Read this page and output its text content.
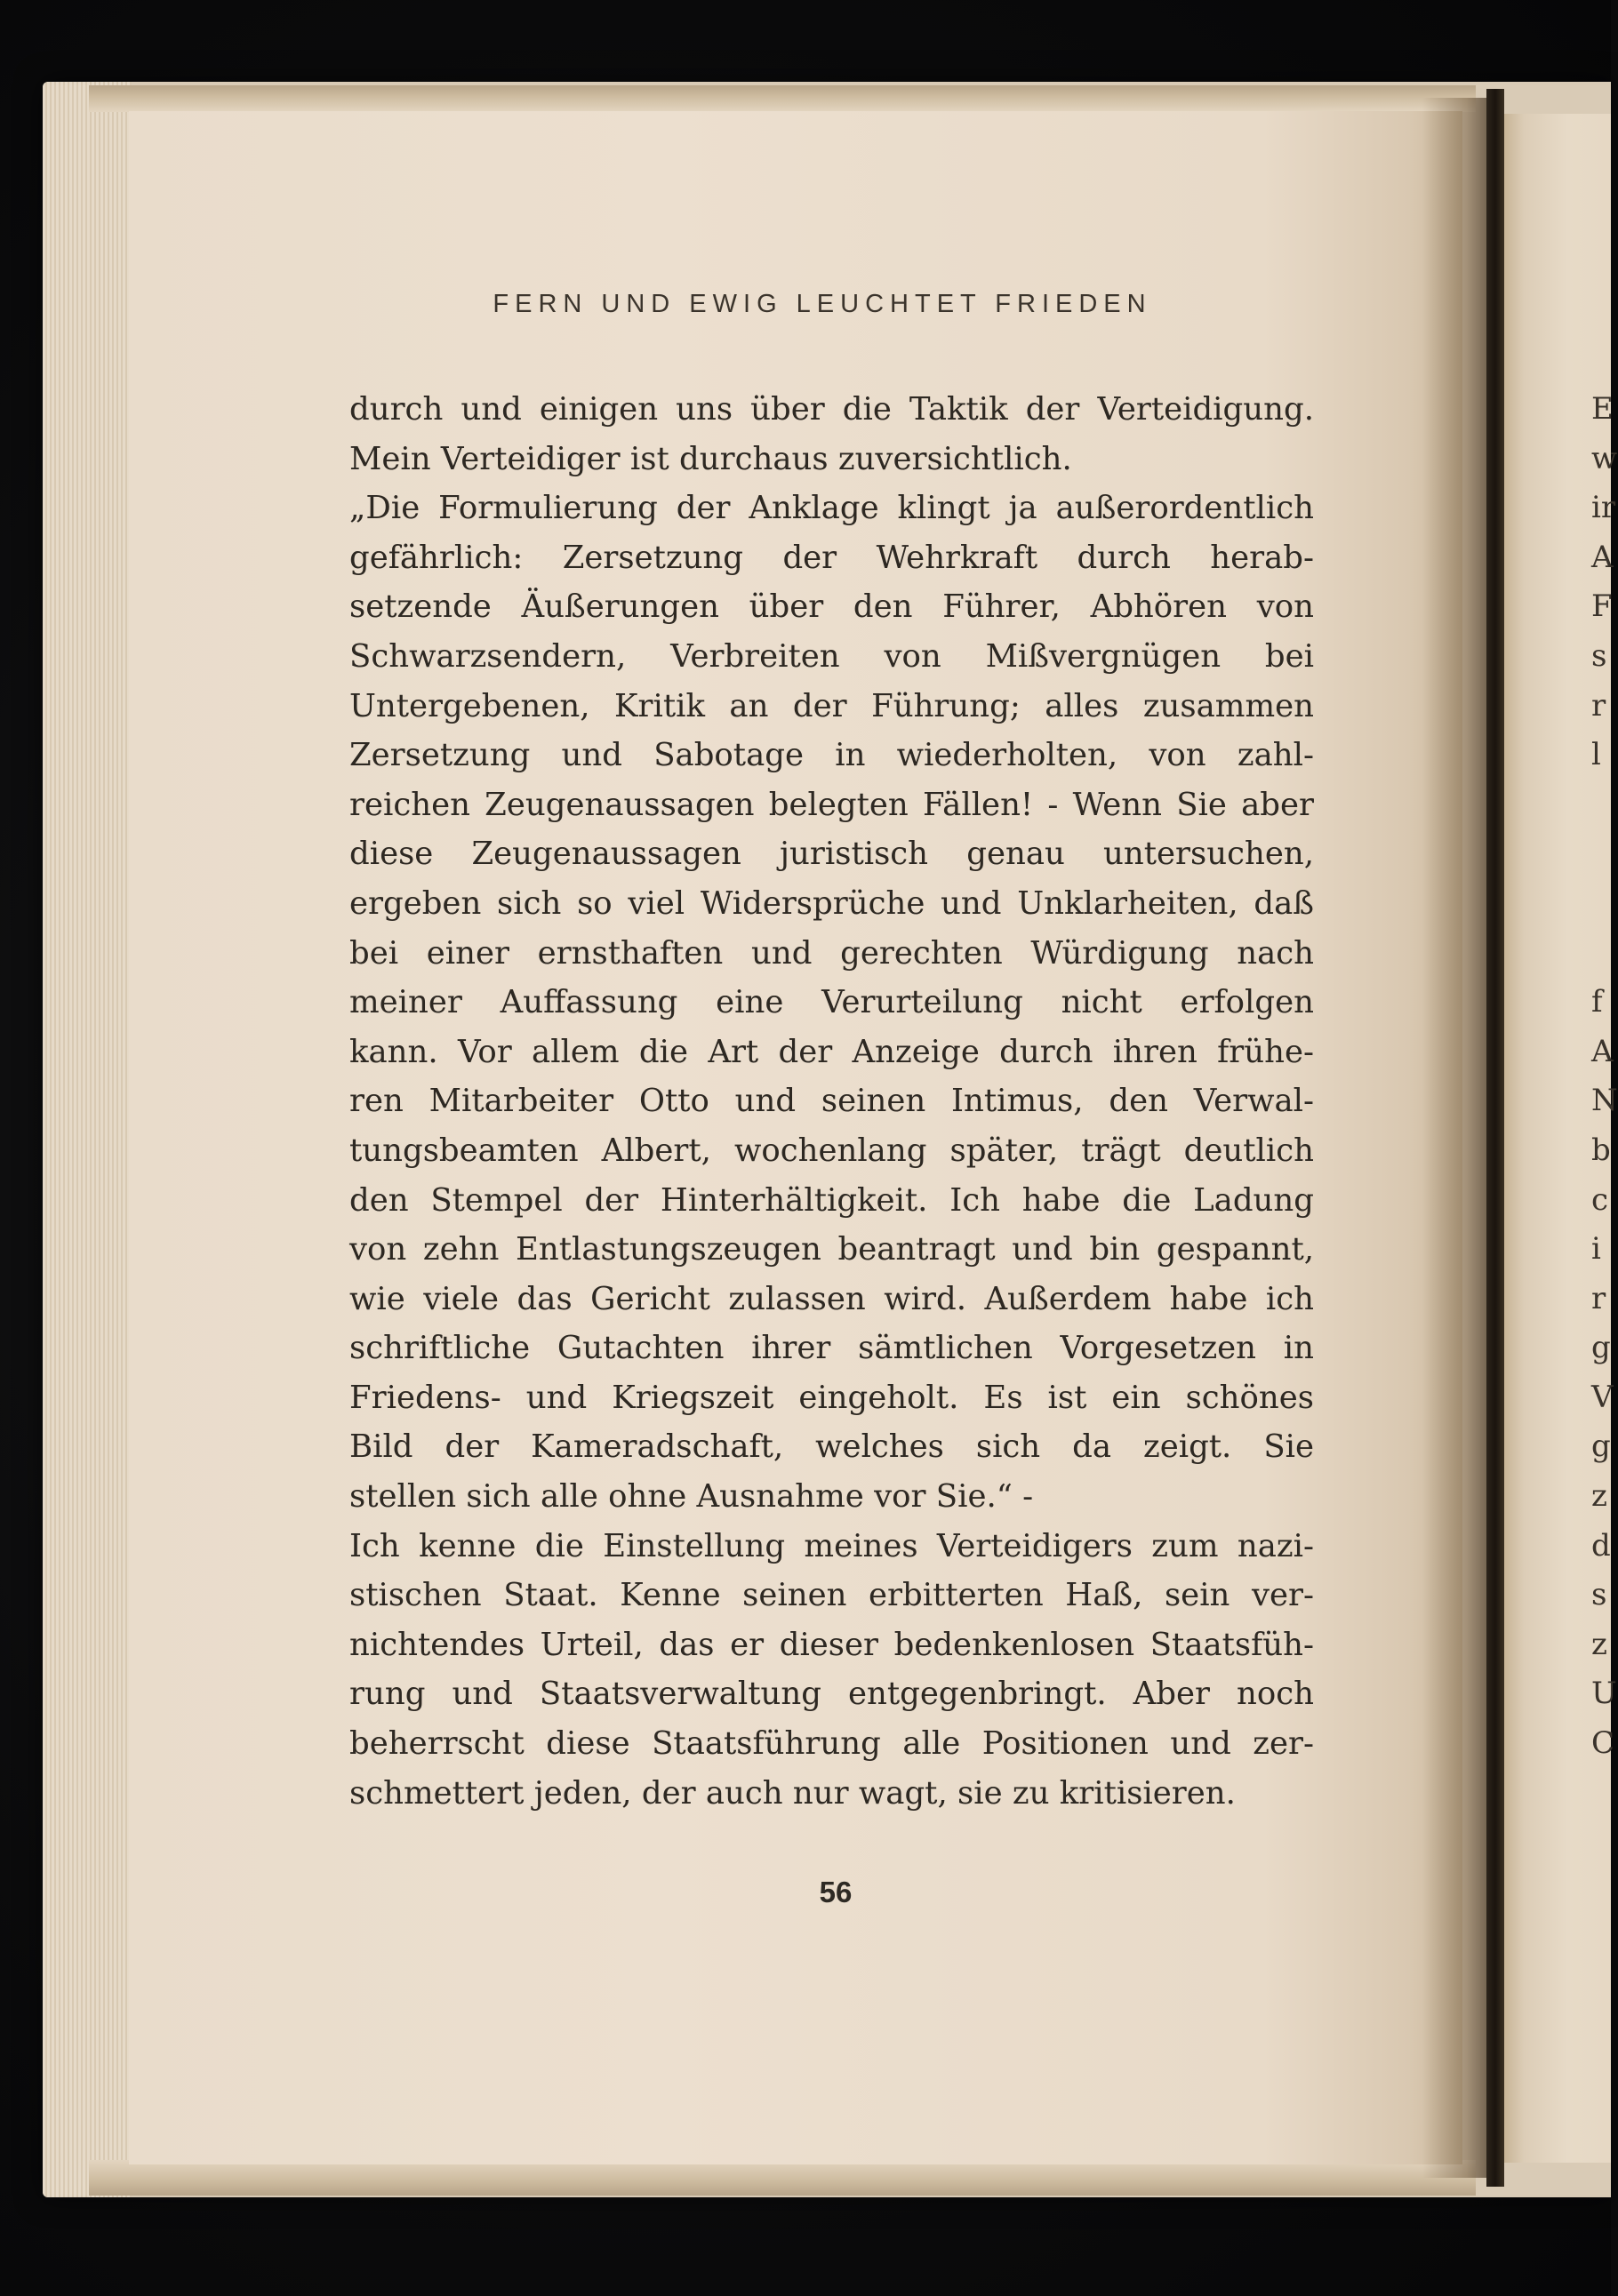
FERN UND EWIG LEUCHTET FRIEDEN
durch und einigen uns über die Taktik der Verteidigung.
Mein Verteidiger ist durchaus zuversichtlich.
„Die Formulierung der Anklage klingt ja außerordentlich
gefährlich: Zersetzung der Wehrkraft durch herab-
setzende Äußerungen über den Führer, Abhören von
Schwarzsendern, Verbreiten von Mißvergnügen bei
Untergebenen, Kritik an der Führung; alles zusammen
Zersetzung und Sabotage in wiederholten, von zahl-
reichen Zeugenaussagen belegten Fällen! - Wenn Sie aber
diese Zeugenaussagen juristisch genau untersuchen,
ergeben sich so viel Widersprüche und Unklarheiten, daß
bei einer ernsthaften und gerechten Würdigung nach
meiner Auffassung eine Verurteilung nicht erfolgen
kann. Vor allem die Art der Anzeige durch ihren frühe-
ren Mitarbeiter Otto und seinen Intimus, den Verwal-
tungsbeamten Albert, wochenlang später, trägt deutlich
den Stempel der Hinterhältigkeit. Ich habe die Ladung
von zehn Entlastungszeugen beantragt und bin gespannt,
wie viele das Gericht zulassen wird. Außerdem habe ich
schriftliche Gutachten ihrer sämtlichen Vorgesetzen in
Friedens- und Kriegszeit eingeholt. Es ist ein schönes
Bild der Kameradschaft, welches sich da zeigt. Sie
stellen sich alle ohne Ausnahme vor Sie.“ -
Ich kenne die Einstellung meines Verteidigers zum nazi-
stischen Staat. Kenne seinen erbitterten Haß, sein ver-
nichtendes Urteil, das er dieser bedenkenlosen Staatsfüh-
rung und Staatsverwaltung entgegenbringt. Aber noch
beherrscht diese Staatsführung alle Positionen und zer-
schmettert jeden, der auch nur wagt, sie zu kritisieren.
56
E
w
ir
A
F
s
r
l
f
A
N
b
c
i
r
g
V
g
z
d
s
z
U
C
